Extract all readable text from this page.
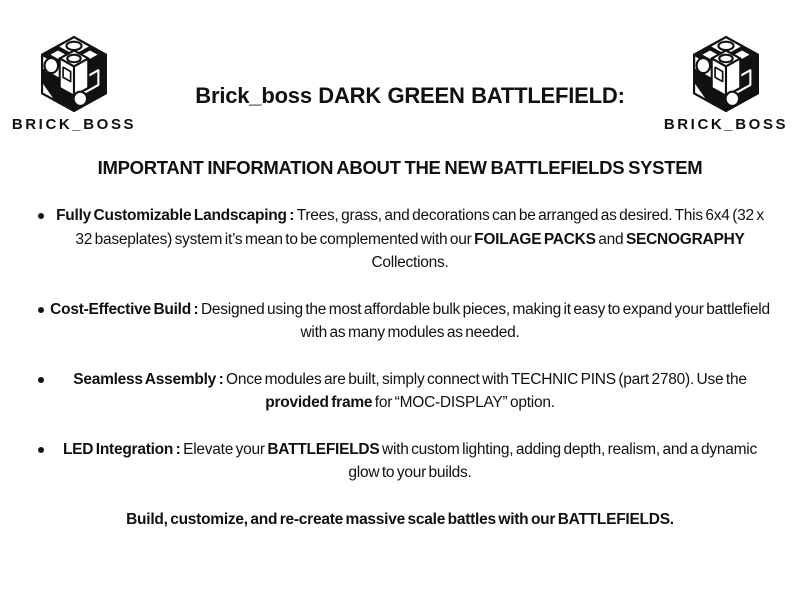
BRICK_BOSS
Brick_boss DARK GREEN BATTLEFIELD:
BRICK_BOSS
IMPORTANT INFORMATION ABOUT THE NEW BATTLEFIELDS SYSTEM

Fully Customizable Landscaping : Trees, grass, and decorations can be arranged as desired. This 6x4 (32 x 32 baseplates) system it’s mean to be complemented with our FOILAGE PACKS and SECNOGRAPHY Collections.

Cost-Effective Build : Designed using the most affordable bulk pieces, making it easy to expand your battlefield with as many modules as needed.

Seamless Assembly : Once modules are built, simply connect with TECHNIC PINS (part 2780). Use the provided frame for “MOC-DISPLAY” option.

LED Integration : Elevate your BATTLEFIELDS with custom lighting, adding depth, realism, and a dynamic glow to your builds.

Build, customize, and re-create massive scale battles with our BATTLEFIELDS.
